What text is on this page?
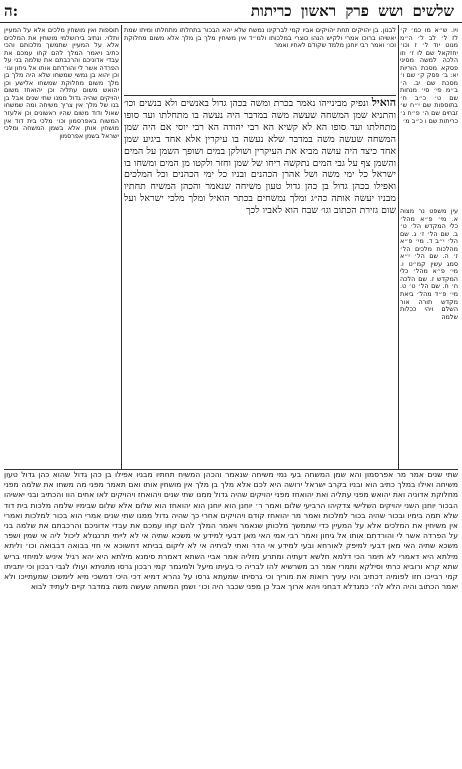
ה:	שלשים ושש פרק ראשון כריתות
ויו. ש״א מו כמ׳ ק׳ לז ל׳ לב ל׳ ה״מ מנוט יוד ל׳ ז וכו׳ יחזקאל שם לו ז׳ וזו הלכה למשה מסיני פסקא מסכת הוריות יא: ב׳ פסק ק׳ שם ו׳ מסכת שם יב. ה׳ ב״מ פי׳ סי׳ מנחות שם ט׳ כ״ב ח׳ בתוספות שם י״ח ש׳ זבחים שם ה׳ פ״ח נ׳ כריתות שם ו כ״ב מ׳
עין משפט נר מצוה א. מי׳ פ״א מהל׳ כלי המקדש הל׳ ט׳ ב. שם הל׳ ז׳ ג. שם הל׳ י״ב ד. מי׳ פ״א מהלכות מלכים הל׳ ז׳ ה. שם הל׳ י״א סמג עשין קמ״ט ו. מי׳ פ״א מהל׳ כלי המקדש ז. שם הלכה ח׳ ח. שם הל׳ ט׳ ט. מי׳ פ״ד מהל׳ ביאת מקדש תורה אור השלם ויהי ככלות שלמה
תוספות ואין מושחין מלכים אלא על המעיין ותלוי. ונתיב בירושלמי מושחין את המלכים אלא על המעיין שתמשך מלכותם והכי כתיב ויאמר המלך להם קחו עמכם את עבדי אדוניכם והרכבתם את שלמה בני על הפרדה אשר לי והורדתם אותו אל גיחון וגו׳ וכן יהוא בן נמשי שמשחו שלא היה מלך בן מלך משום מחלוקת שמשחו אלישע וכן יהואש משום עתליה וכן יהואחז משום יהויקים שהיה גדול ממנו שתי שנים אבל בן בנו של מלך אין צריך משיחה ומה שמשחו שאול ודוד משום שהיו ראשונים וכן אלעזר המשוח באפרסמון וכו׳ מלכי בית דוד אין מושחין אותן אלא בשמן המשחה ומלכי ישראל בשמן אפרסמון
לבנון. בן יהויקים תחת יהויקים אביו קמי לברקינו נמשח שלא יהא הבכור בתחלתו מתחלתו ומיתו שמת יאשיהו ברוכו אמרי ולקיש הנהו כוצרי במלכותו ולמ״ד אין משיחין מלך בן מלך אלא משום מחלוקת וכו׳ ואמר רבי יוחנן מלמד שקודם לאחיו ואמר
הואיל ונפיק מבינייהו נאמר בכרת ומשה בכהן גדול באנשים ולא בנשים וכו׳ והתניא שמן המשחה שעשה משה במדבר היה נעשה בו מתחלתו ועד סופו מתחלתו ועד סופו הא לא קשיא הא רבי יהודה הא רבי יוסי אם היה שמן המשחה שעשה משה במדבר שלא נעשה בו עיקרין אלא אחד ביגיע שמן אחד כיצד היה עושה מביא את העיקרין ושולקן במים ושופך השמן על המים והשמן צף על גבי המים נתקשה ריחו של שמן וחזר ולקטו מן המים ומשחו בו ישראל כל ימי משה ושל אהרן הכהנים ובניו כל ימי הכהנים וכל המלכים ואפילו בכהן גדול בן כהן גדול טעון משיחה שנאמר והכהן המשיח תחתיו מבניו יעשה אותה כה״ג ומלך נמשחים בכתר הואיל ומלך מלכי ישראל ועל שום גזירת הכתוב וגו׳ שבח הוא לאביו לכך
שתי שנים אמר מר אפרסמון והא שמן המשחה בעי נמי משיחה שנאמר והכהן המשיח תחתיו מבניו אפילו בן כהן גדול שהוא כהן גדול טעון משיחה ואילו במלך כתיב הוא ובניו בקרב ישראל ירושה היא לכם אלא מלך בן מלך אין מושחין אותו ואם תאמר מפני מה משחו את שלמה מפני מחלוקת אדוניה ואת יהואש מפני עתליה ואת יהואחז מפני יהויקים שהיה גדול ממנו שתי שנים ויהואחז ויהויקים לאו אחים הוו והכתיב ובני יאשיהו הבכור יוחנן השני יהויקים השלישי צדקיהו הרביעי שלום ואמר ר׳ יוחנן הוא יוחנן הוא יהואחז הוא שלום אלא שלום שבימיו שלמה מלכות בית דוד שלא תמה בימיו ובכור שהיה בכור למלכות ואמר מר יהואחז קודם ויהויקים אחרי כך שהיה גדול ממנו שתי שנים אמרי הוא בכור למלכות ואמרי אין משיחין את המלכים אלא על המעיין כדי שתמשך מלכותן שנאמר ויאמר המלך להם קחו עמכם את עבדי אדוניכם והרכבתם את שלמה בני על הפרדה אשר לי והורדתם אותו אל גיחון ואמר רבי אמי האי מאן דבעי למידע אי משכא שתיה אי לא לייתי תרנגולא ליכול ליה אי שמין ושפר משכא שתיה האי מאן דבעי למיפק לאורחא ובעי למידע אי הדר ואתי לביתיה אי לא ליקום בביתא דחשוכא אי חזי בבואה דבבואה וכו׳ וליתא מילתא היא דאמרי לא תימר הכי דלמא חלשא דעתיה ומתרע מזליה אמר אביי השתא דאמרת סימנא מילתא היא יהא רגיל איניש למיחזי בריש שתא קרא ורוביא כרתי וסילקא ותמרי אמר רב משרשיא להו לבריה כי בעיתו מיעל ולמיגמר קמי רבכון גרסו מתניתא ועולו לגבי רבכון וכי יתביתו קמי רבייכו חזו לפומיה דכתיב והיו עיניך רואות את מוריך וכי גרסיתו שמעתא גרסו על נהרא דמיא דכי היכי דמשכי מיא לימשכו שמעתייכו ולא יאמר הכתוב והיה הלא לה׳ כמגדלא דבחני ויהא ארוך אבל כן מפני שכבר היה וכו׳ ושמן המשחה שעשה משה במדבר קיים לעתיד לבוא
